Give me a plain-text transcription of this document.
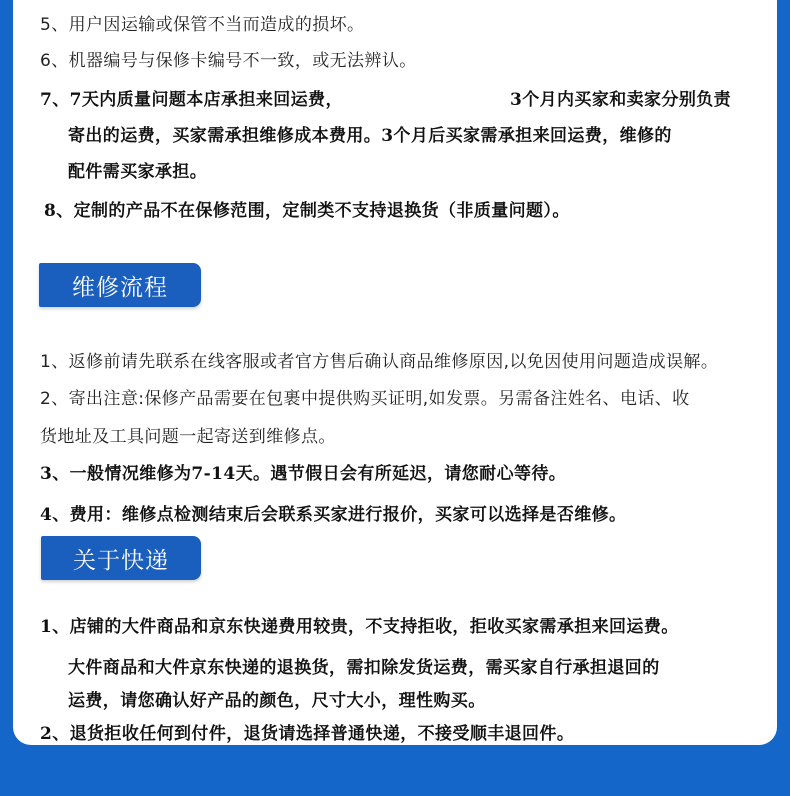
5、用户因运输或保管不当而造成的损坏。
6、机器编号与保修卡编号不一致，或无法辨认。
7、7天内质量问题本店承担来回运费，	3个月内买家和卖家分别负责
寄出的运费，买家需承担维修成本费用。3个月后买家需承担来回运费，维修的
配件需买家承担。
8、定制的产品不在保修范围，定制类不支持退换货（非质量问题）。
维修流程
1、返修前请先联系在线客服或者官方售后确认商品维修原因,以免因使用问题造成误解。
2、寄出注意:保修产品需要在包裹中提供购买证明,如发票。另需备注姓名、电话、收
货地址及工具问题一起寄送到维修点。
3、一般情况维修为7-14天。遇节假日会有所延迟，请您耐心等待。
4、费用：维修点检测结束后会联系买家进行报价，买家可以选择是否维修。
关于快递
1、店铺的大件商品和京东快递费用较贵，不支持拒收，拒收买家需承担来回运费。
大件商品和大件京东快递的退换货，需扣除发货运费，需买家自行承担退回的
运费，请您确认好产品的颜色，尺寸大小，理性购买。
2、退货拒收任何到付件，退货请选择普通快递，不接受顺丰退回件。
